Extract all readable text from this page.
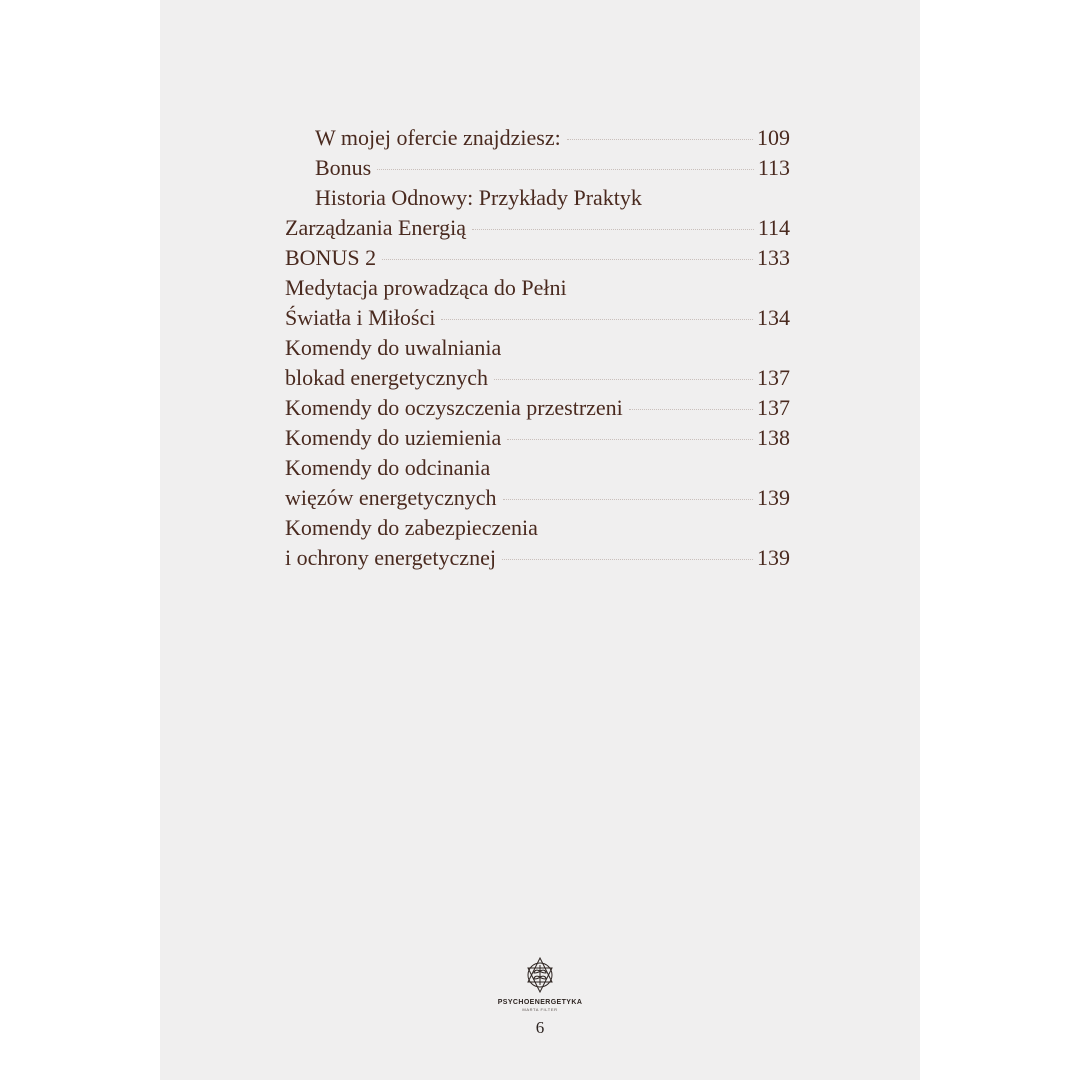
W mojej ofercie znajdziesz:	109
Bonus	113
Historia Odnowy: Przykłady Praktyk
Zarządzania Energią	114
BONUS 2	133
Medytacja prowadząca do Pełni
Światła i Miłości	134
Komendy do uwalniania
blokad energetycznych	137
Komendy do oczyszczenia przestrzeni	137
Komendy do uziemienia	138
Komendy do odcinania
więzów energetycznych	139
Komendy do zabezpieczenia
i ochrony energetycznej	139
PSYCHOENERGETYKA
MARTA FILTER
6
